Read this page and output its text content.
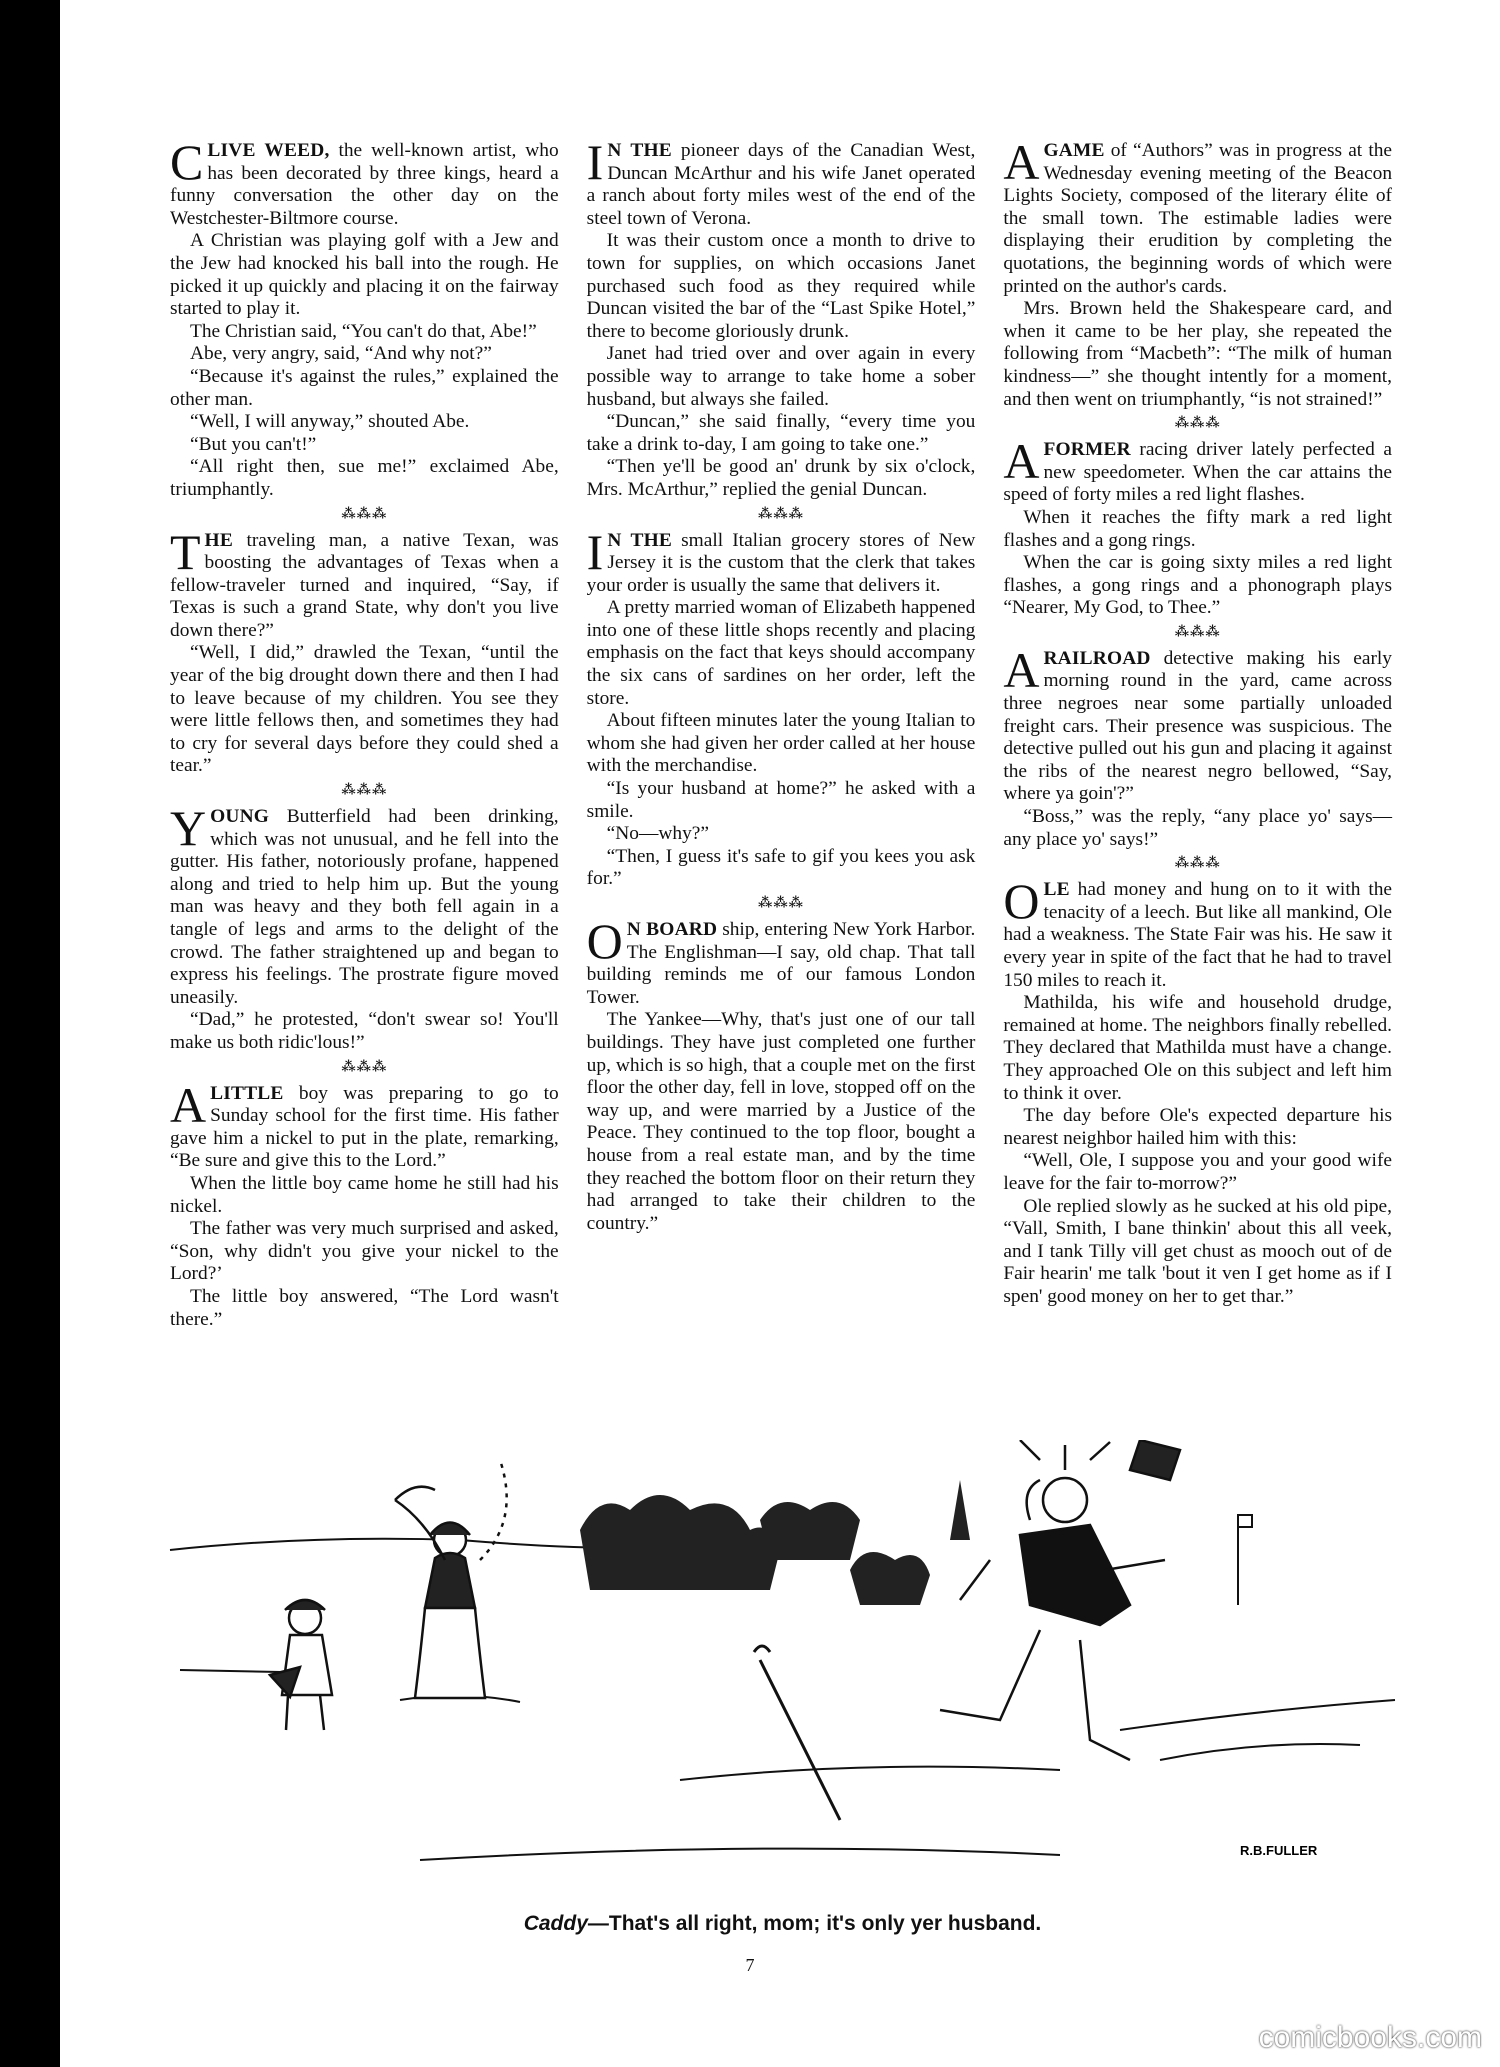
CLIVE WEED, the well-known artist, who has been decorated by three kings, heard a funny conversation the other day on the Westchester-Biltmore course.

A Christian was playing golf with a Jew and the Jew had knocked his ball into the rough. He picked it up quickly and placing it on the fairway started to play it.

The Christian said, “You can't do that, Abe!”

Abe, very angry, said, “And why not?”

“Because it's against the rules,” explained the other man.

“Well, I will anyway,” shouted Abe.

“But you can't!”

“All right then, sue me!” exclaimed Abe, triumphantly.

⁂⁂⁂

THE traveling man, a native Texan, was boosting the advantages of Texas when a fellow-traveler turned and inquired, “Say, if Texas is such a grand State, why don't you live down there?”

“Well, I did,” drawled the Texan, “until the year of the big drought down there and then I had to leave because of my children. You see they were little fellows then, and sometimes they had to cry for several days before they could shed a tear.”

⁂⁂⁂

YOUNG Butterfield had been drinking, which was not unusual, and he fell into the gutter. His father, notoriously profane, happened along and tried to help him up. But the young man was heavy and they both fell again in a tangle of legs and arms to the delight of the crowd. The father straightened up and began to express his feelings. The prostrate figure moved uneasily.

“Dad,” he protested, “don't swear so! You'll make us both ridic'lous!”

⁂⁂⁂

ALITTLE boy was preparing to go to Sunday school for the first time. His father gave him a nickel to put in the plate, remarking, “Be sure and give this to the Lord.”

When the little boy came home he still had his nickel.

The father was very much surprised and asked, “Son, why didn't you give your nickel to the Lord?’

The little boy answered, “The Lord wasn't there.”

I N THE pioneer days of the Canadian West, Duncan McArthur and his wife Janet operated a ranch about forty miles west of the end of the steel town of Verona.

It was their custom once a month to drive to town for supplies, on which occasions Janet purchased such food as they required while Duncan visited the bar of the “Last Spike Hotel,” there to become gloriously drunk.

Janet had tried over and over again in every possible way to arrange to take home a sober husband, but always she failed.

“Duncan,” she said finally, “every time you take a drink to-day, I am going to take one.”

“Then ye'll be good an' drunk by six o'clock, Mrs. McArthur,” replied the genial Duncan.

⁂⁂⁂

I N THE small Italian grocery stores of New Jersey it is the custom that the clerk that takes your order is usually the same that delivers it.

A pretty married woman of Elizabeth happened into one of these little shops recently and placing emphasis on the fact that keys should accompany the six cans of sardines on her order, left the store.

About fifteen minutes later the young Italian to whom she had given her order called at her house with the merchandise.

“Is your husband at home?” he asked with a smile.

“No—why?”

“Then, I guess it's safe to gif you kees you ask for.”

⁂⁂⁂

O N BOARD ship, entering New York Harbor. The Englishman—I say, old chap. That tall building reminds me of our famous London Tower.

The Yankee—Why, that's just one of our tall buildings. They have just completed one further up, which is so high, that a couple met on the first floor the other day, fell in love, stopped off on the way up, and were married by a Justice of the Peace. They continued to the top floor, bought a house from a real estate man, and by the time they reached the bottom floor on their return they had arranged to take their children to the country.”

AGAME of “Authors” was in progress at the Wednesday evening meeting of the Beacon Lights Society, composed of the literary élite of the small town. The estimable ladies were displaying their erudition by completing the quotations, the beginning words of which were printed on the author's cards.

Mrs. Brown held the Shakespeare card, and when it came to be her play, she repeated the following from “Macbeth”: “The milk of human kindness—” she thought intently for a moment, and then went on triumphantly, “is not strained!”

⁂⁂⁂

AFORMER racing driver lately perfected a new speedometer. When the car attains the speed of forty miles a red light flashes.

When it reaches the fifty mark a red light flashes and a gong rings.

When the car is going sixty miles a red light flashes, a gong rings and a phonograph plays “Nearer, My God, to Thee.”

⁂⁂⁂

ARAILROAD detective making his early morning round in the yard, came across three negroes near some partially unloaded freight cars. Their presence was suspicious. The detective pulled out his gun and placing it against the ribs of the nearest negro bellowed, “Say, where ya goin'?”

“Boss,” was the reply, “any place yo' says—any place yo' says!”

⁂⁂⁂

OLE had money and hung on to it with the tenacity of a leech. But like all mankind, Ole had a weakness. The State Fair was his. He saw it every year in spite of the fact that he had to travel 150 miles to reach it.

Mathilda, his wife and household drudge, remained at home. The neighbors finally rebelled. They declared that Mathilda must have a change. They approached Ole on this subject and left him to think it over.

The day before Ole's expected departure his nearest neighbor hailed him with this:

“Well, Ole, I suppose you and your good wife leave for the fair to-morrow?”

Ole replied slowly as he sucked at his old pipe, “Vall, Smith, I bane thinkin' about this all veek, and I tank Tilly vill get chust as mooch out of de Fair hearin' me talk 'bout it ven I get home as if I spen' good money on her to get thar.”

R.B.FULLER
Caddy—That's all right, mom; it's only yer husband.
7
comicbooks.com
